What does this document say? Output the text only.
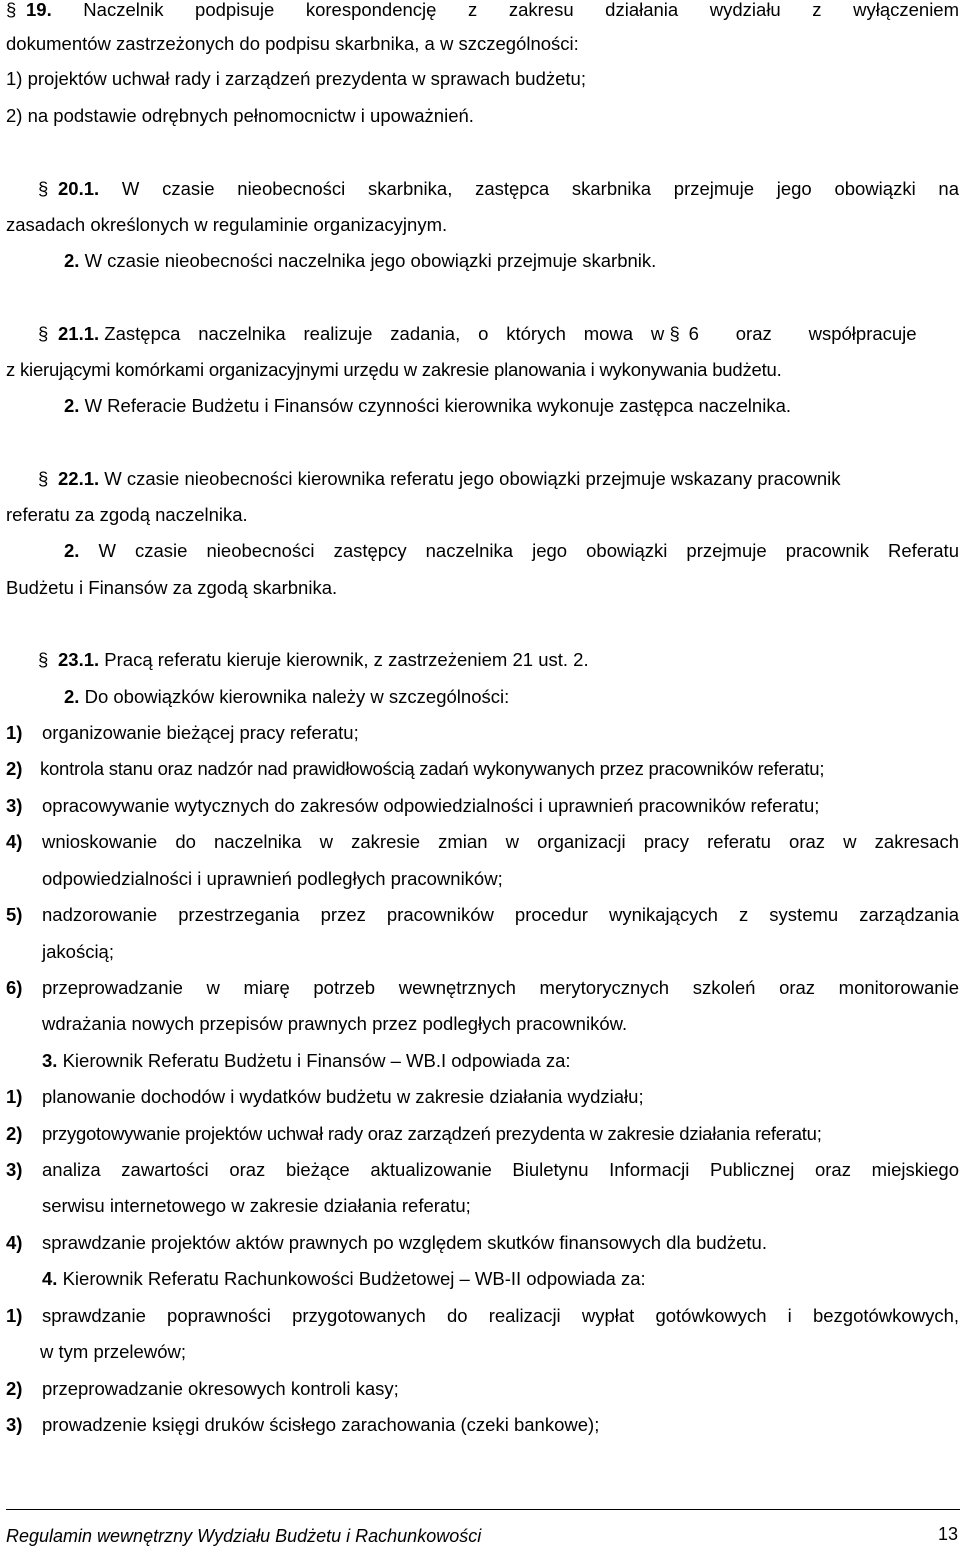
§ 19. Naczelnik podpisuje korespondencję z zakresu działania wydziału z wyłączeniem
dokumentów zastrzeżonych do podpisu skarbnika, a w szczególności:
1) projektów uchwał rady i zarządzeń prezydenta w sprawach budżetu;
2) na podstawie odrębnych pełnomocnictw i upoważnień.
§ 20.1. W czasie nieobecności skarbnika, zastępca skarbnika przejmuje jego obowiązki na
zasadach określonych w regulaminie organizacyjnym.
2. W czasie nieobecności naczelnika jego obowiązki przejmuje skarbnik.
§ 21.1. Zastępca naczelnika realizuje zadania, o których mowa w § 6 oraz współpracuje
z kierującymi komórkami organizacyjnymi urzędu w zakresie planowania i wykonywania budżetu.
2. W Referacie Budżetu i Finansów czynności kierownika wykonuje zastępca naczelnika.
§ 22.1. W czasie nieobecności kierownika referatu jego obowiązki przejmuje wskazany pracownik
referatu za zgodą naczelnika.
2. W czasie nieobecności zastępcy naczelnika jego obowiązki przejmuje pracownik Referatu
Budżetu i Finansów za zgodą skarbnika.
§ 23.1. Pracą referatu kieruje kierownik, z zastrzeżeniem 21 ust. 2.
2. Do obowiązków kierownika należy w szczególności:
1) organizowanie bieżącej pracy referatu;
2) kontrola stanu oraz nadzór nad prawidłowością zadań wykonywanych przez pracowników referatu;
3) opracowywanie wytycznych do zakresów odpowiedzialności i uprawnień pracowników referatu;
4) wnioskowanie do naczelnika w zakresie zmian w organizacji pracy referatu oraz w zakresach
odpowiedzialności i uprawnień podległych pracowników;
5) nadzorowanie przestrzegania przez pracowników procedur wynikających z systemu zarządzania
jakością;
6) przeprowadzanie w miarę potrzeb wewnętrznych merytorycznych szkoleń oraz monitorowanie
wdrażania nowych przepisów prawnych przez podległych pracowników.
3. Kierownik Referatu Budżetu i Finansów – WB.I odpowiada za:
1) planowanie dochodów i wydatków budżetu w zakresie działania wydziału;
2) przygotowywanie projektów uchwał rady oraz zarządzeń prezydenta w zakresie działania referatu;
3) analiza zawartości oraz bieżące aktualizowanie Biuletynu Informacji Publicznej oraz miejskiego
serwisu internetowego w zakresie działania referatu;
4) sprawdzanie projektów aktów prawnych po względem skutków finansowych dla budżetu.
4. Kierownik Referatu Rachunkowości Budżetowej – WB-II odpowiada za:
1) sprawdzanie poprawności przygotowanych do realizacji wypłat gotówkowych i bezgotówkowych,
w tym przelewów;
2) przeprowadzanie okresowych kontroli kasy;
3) prowadzenie księgi druków ścisłego zarachowania (czeki bankowe);
Regulamin wewnętrzny Wydziału Budżetu i Rachunkowości	13
